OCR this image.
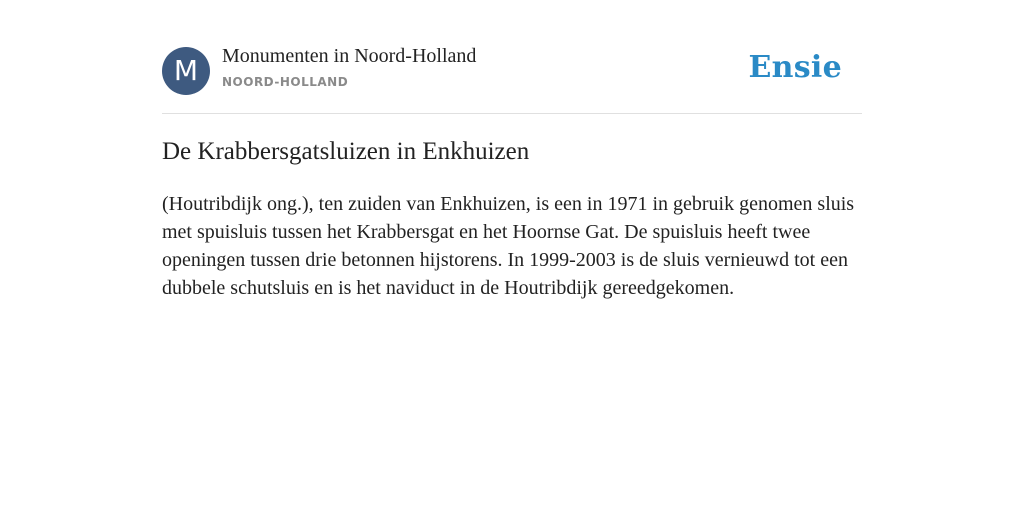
M	Monumenten in Noord-Holland
NOORD-HOLLAND	Ensie
De Krabbersgatsluizen in Enkhuizen

(Houtribdijk ong.), ten zuiden van Enkhuizen, is een in 1971 in gebruik genomen sluis met spuisluis tussen het Krabbersgat en het Hoornse Gat. De spuisluis heeft twee openingen tussen drie betonnen hijstorens. In 1999-2003 is de sluis vernieuwd tot een dubbele schutsluis en is het naviduct in de Houtribdijk gereedgekomen.
